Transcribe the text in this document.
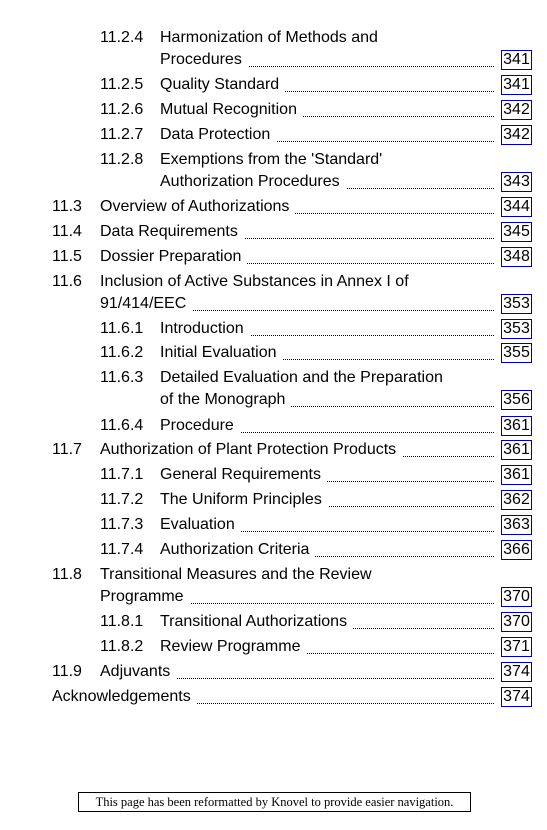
11.2.4 Harmonization of Methods and
Procedures	341
11.2.5 Quality Standard	341
11.2.6 Mutual Recognition	342
11.2.7 Data Protection	342
11.2.8 Exemptions from the 'Standard'
Authorization Procedures	343
11.3 Overview of Authorizations	344
11.4 Data Requirements	345
11.5 Dossier Preparation	348
11.6 Inclusion of Active Substances in Annex I of
91/414/EEC	353
11.6.1 Introduction	353
11.6.2 Initial Evaluation	355
11.6.3 Detailed Evaluation and the Preparation
of the Monograph	356
11.6.4 Procedure	361
11.7 Authorization of Plant Protection Products	361
11.7.1 General Requirements	361
11.7.2 The Uniform Principles	362
11.7.3 Evaluation	363
11.7.4 Authorization Criteria	366
11.8 Transitional Measures and the Review
Programme	370
11.8.1 Transitional Authorizations	370
11.8.2 Review Programme	371
11.9 Adjuvants	374
Acknowledgements	374
This page has been reformatted by Knovel to provide easier navigation.
